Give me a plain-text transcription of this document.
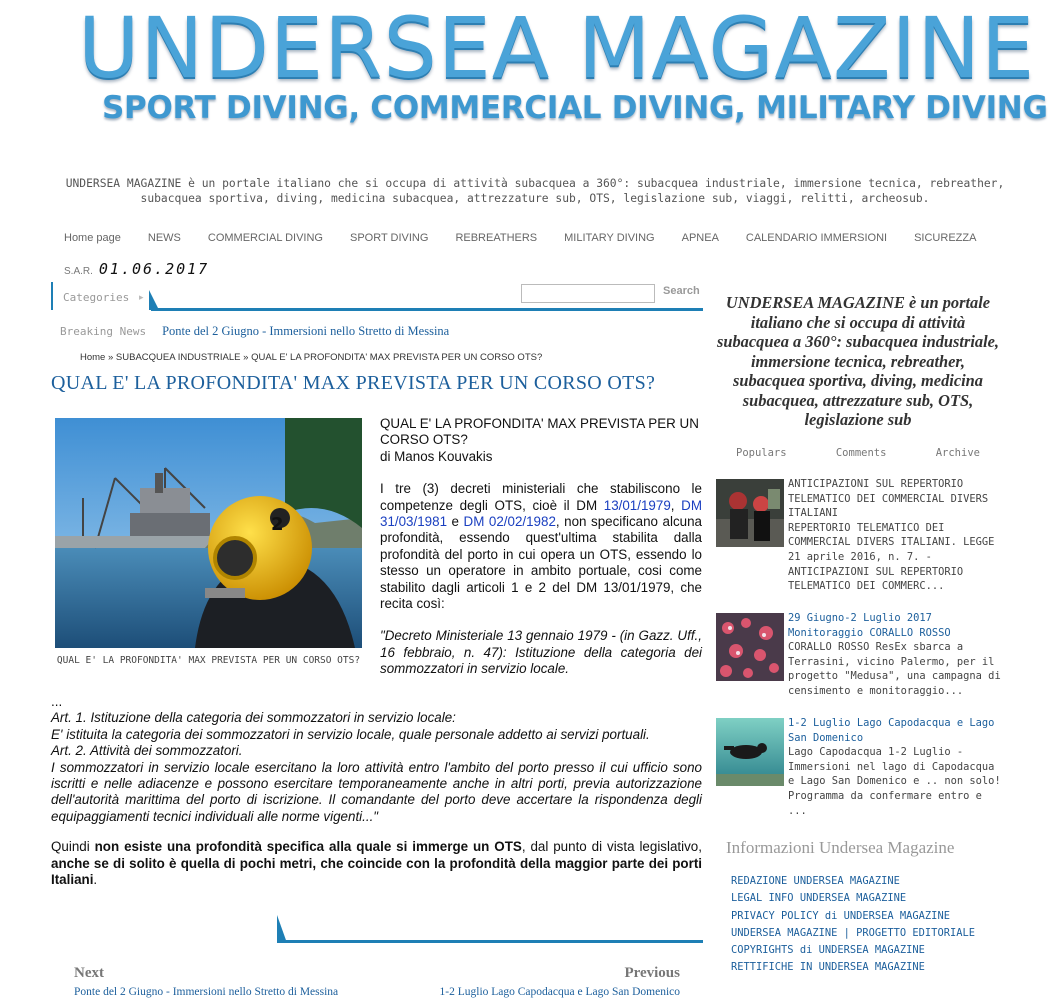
UNDERSEA MAGAZINE
SPORT DIVING, COMMERCIAL DIVING, MILITARY DIVING
UNDERSEA MAGAZINE è un portale italiano che si occupa di attività subacquea a 360°: subacquea industriale, immersione tecnica, rebreather, subacquea sportiva, diving, medicina subacquea, attrezzature sub, OTS, legislazione sub, viaggi, relitti, archeosub.
Home page NEWS COMMERCIAL DIVING SPORT DIVING REBREATHERS MILITARY DIVING APNEA CALENDARIO IMMERSIONI SICUREZZA
S.A.R. 01.06.2017
Categories ▸	Search
Breaking News Ponte del 2 Giugno - Immersioni nello Stretto di Messina
Home » SUBACQUEA INDUSTRIALE » QUAL E' LA PROFONDITA' MAX PREVISTA PER UN CORSO OTS?
QUAL E' LA PROFONDITA' MAX PREVISTA PER UN CORSO OTS?
2
QUAL E' LA PROFONDITA' MAX PREVISTA PER UN CORSO OTS?

QUAL E' LA PROFONDITA' MAX PREVISTA PER UN CORSO OTS?

di Manos Kouvakis

I tre (3) decreti ministeriali che stabiliscono le competenze degli OTS, cioè il DM 13/01/1979, DM 31/03/1981 e DM 02/02/1982, non specificano alcuna profondità, essendo quest'ultima stabilita dalla profondità del porto in cui opera un OTS, essendo lo stesso un operatore in ambito portuale, cosi come stabilito dagli articoli 1 e 2 del DM 13/01/1979, che recita così:

"Decreto Ministeriale 13 gennaio 1979 - (in Gazz. Uff., 16 febbraio, n. 47): Istituzione della categoria dei sommozzatori in servizio locale.

...

Art. 1. Istituzione della categoria dei sommozzatori in servizio locale:

E' istituita la categoria dei sommozzatori in servizio locale, quale personale addetto ai servizi portuali.

Art. 2. Attività dei sommozzatori.

I sommozzatori in servizio locale esercitano la loro attività entro l'ambito del porto presso il cui ufficio sono iscritti e nelle adiacenze e possono esercitare temporaneamente anche in altri porti, previa autorizzazione dell'autorità marittima del porto di iscrizione. Il comandante del porto deve accertare la rispondenza degli equipaggiamenti tecnici individuali alle norme vigenti..."

Quindi non esiste una profondità specifica alla quale si immerge un OTS, dal punto di vista legislativo, anche se di solito è quella di pochi metri, che coincide con la profondità della maggior parte dei porti Italiani.

Next
Ponte del 2 Giugno - Immersioni nello Stretto di Messina
Previous
1-2 Luglio Lago Capodacqua e Lago San Domenico

UNDERSEA MAGAZINE è un portale italiano che si occupa di attività subacquea a 360°: subacquea industriale, immersione tecnica, rebreather, subacquea sportiva, diving, medicina subacquea, attrezzature sub, OTS, legislazione sub

Populars	Comments	Archive
ANTICIPAZIONI SUL REPERTORIO TELEMATICO DEI COMMERCIAL DIVERS ITALIANI
REPERTORIO TELEMATICO DEI COMMERCIAL DIVERS ITALIANI. LEGGE 21 aprile 2016, n. 7. - ANTICIPAZIONI SUL REPERTORIO TELEMATICO DEI COMMERC...
29 Giugno-2 Luglio 2017 Monitoraggio CORALLO ROSSO
CORALLO ROSSO ResEx sbarca a Terrasini, vicino Palermo, per il progetto "Medusa", una campagna di censimento e monitoraggio...
1-2 Luglio Lago Capodacqua e Lago San Domenico
Lago Capodacqua 1-2 Luglio - Immersioni nel lago di Capodacqua e Lago San Domenico e .. non solo! Programma da confermare entro e ...
Informazioni Undersea Magazine
REDAZIONE UNDERSEA MAGAZINE
LEGAL INFO UNDERSEA MAGAZINE
PRIVACY POLICY di UNDERSEA MAGAZINE
UNDERSEA MAGAZINE | PROGETTO EDITORIALE
COPYRIGHTS di UNDERSEA MAGAZINE
RETTIFICHE IN UNDERSEA MAGAZINE
